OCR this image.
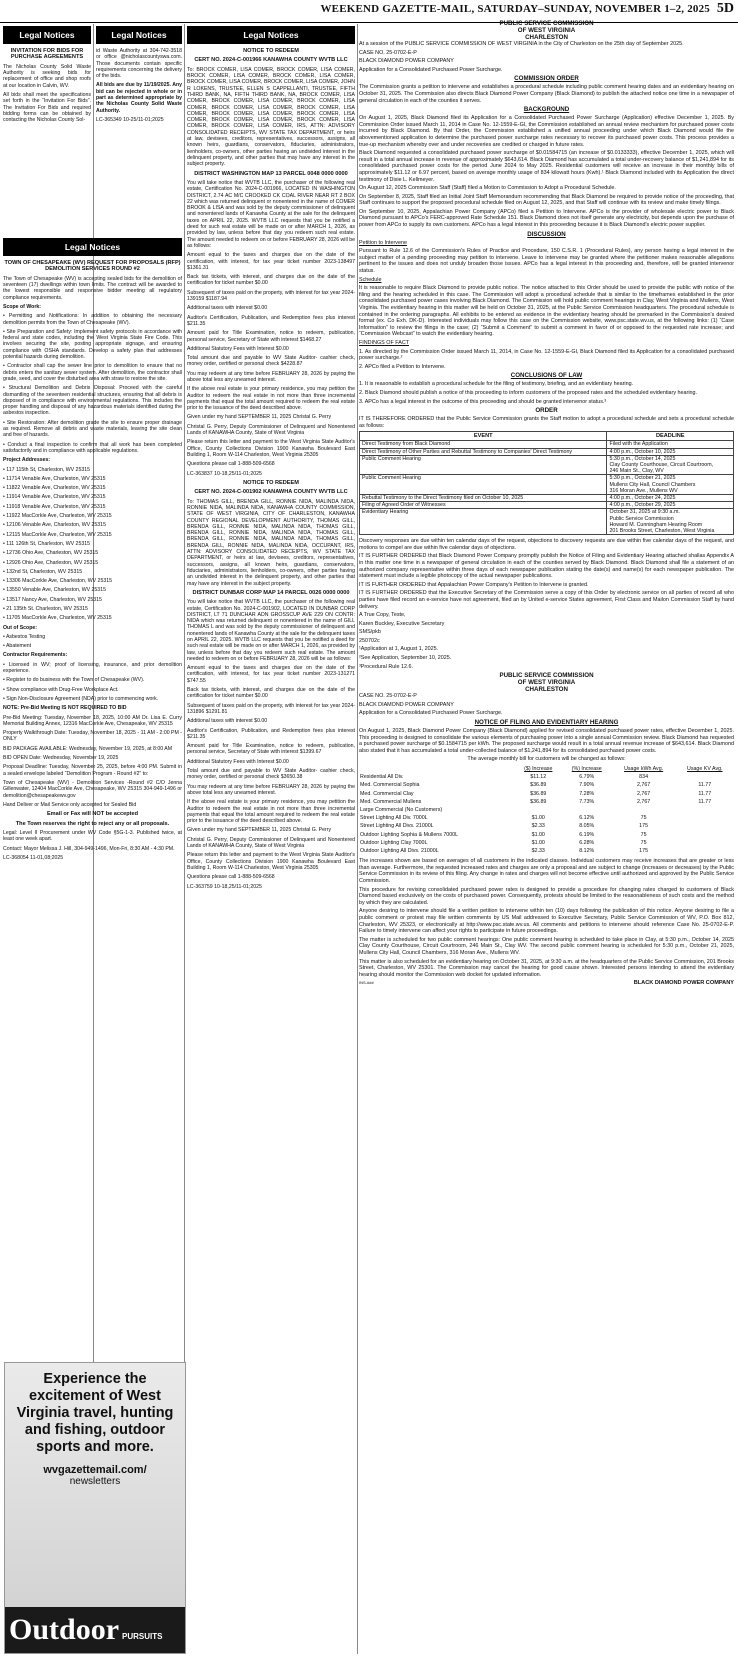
WEEKEND GAZETTE-MAIL, SATURDAY–SUNDAY, NOVEMBER 1–2, 2025 5D
Legal Notices

INVITATION FOR BIDS FOR PURCHASE AGREEMENTS

The Nicholas County Solid Waste Authority is seeking bids for replacement of office and shop roofs at our location in Calvin, WV.

All bids shall meet the specifications set forth in the “Invitation For Bids”. The Invitation For Bids and required bidding forms can be obtained by contacting the Nicholas County Sol-

Legal Notices

id Waste Authority at 304-742-3518 or office @nicholascountyswa.com. Those documents contain specific requirements concerning the delivery of the bids.

All bids are due by 11/19/2025. Any bid can be rejected in whole or in part as determined appropriate by the Nicholas County Solid Waste Authority.

LC-365349 10-25/11-01;2025

Legal Notices

TOWN OF CHESAPEAKE (WV) REQUEST FOR PROPOSALS (RFP) DEMOLITION SERVICES ROUND #2

The Town of Chesapeake (WV) is accepting sealed bids for the demolition of seventeen (17) dwellings within town limits. The contract will be awarded to the lowest responsible and responsive bidder meeting all regulatory compliance requirements.

Scope of Work:

• Permitting and Notifications: In addition to obtaining the necessary demolition permits from the Town of Chesapeake (WV).

• Site Preparation and Safety: Implement safety protocols in accordance with federal and state codes, including the West Virginia State Fire Code. This involves securing the site, posting appropriate signage, and ensuring compliance with OSHA standards. Develop a safety plan that addresses potential hazards during demolition.

• Contractor shall cap the sewer line prior to demolition to ensure that no debris enters the sanitary sewer system. After demolition, the contractor shall grade, seed, and cover the disturbed area with straw to restore the site.

• Structural Demolition and Debris Disposal: Proceed with the careful dismantling of the seventeen residential structures, ensuring that all debris is disposed of in compliance with environmental regulations. This includes the proper handling and disposal of any hazardous materials identified during the asbestos inspection.

• Site Restoration: After demolition grade the site to ensure proper drainage as required. Remove all debris and waste materials, leaving the site clean and free of hazards.

• Conduct a final inspection to confirm that all work has been completed satisfactorily and in compliance with applicable regulations.

Project Addresses:

• 117 115th St, Charleston, WV 25315

• 11714 Venable Ave, Charleston, WV 25315

• 11822 Venable Ave, Charleston, WV 25315

• 11914 Venable Ave, Charleston, WV 25315

• 11918 Venable Ave, Charleston, WV 25315

• 11922 MacCorkle Ave, Charleston, WV 25315

• 12106 Venable Ave, Charleston, WV 25315

• 12115 MacCorkle Ave, Charleston, WV 25315

• 111 126th St, Charleston, WV 25315

• 12736 Ohio Ave, Charleston, WV 25315

• 12926 Ohio Ave, Charleston, WV 25315

• 132nd St, Charleston, WV 25315

• 13306 MacCorkle Ave, Charleston, WV 25315

• 13550 Venable Ave, Charleston, WV 25315

• 13517 Nancy Ave, Charleston, WV 25315

• 21 135th St. Charleston, WV 25315

• 11705 MacCorkle Ave, Charleston, WV 25315

Out of Scope:

• Asbestos Testing

• Abatement

Contractor Requirements:

• Licensed in WV; proof of licensing, insurance, and prior demolition experience.

• Register to do business with the Town of Chesapeake (WV).

• Show compliance with Drug-Free Workplace Act.

• Sign Non-Disclosure Agreement (NDA) prior to commencing work.

NOTE: Pre-Bid Meeting IS NOT REQUIRED TO BID

Pre-Bid Meeting: Tuesday, November 18, 2025, 10:00 AM Dr. Lisa E. Curry Memorial Building Annex, 12316 MacCorkle Ave, Chesapeake, WV 25315

Property Walkthrough Date: Tuesday, November 18, 2025 - 11 AM - 2:00 PM - ONLY

BID PACKAGE AVAILABLE: Wednesday, November 19, 2025, at 8:00 AM

BID OPEN Date: Wednesday, November 19, 2025

Proposal Deadline: Tuesday, November 25, 2025, before 4:00 PM. Submit in a sealed envelope labeled “Demolition Program - Round #2” to:

Town of Chesapeake (WV) - Demolition Services -Round #2 C/O Jenna Gillenwater, 12404 MacCorkle Ave, Chesapeake, WV 25315 304-949-1496 or demolition@chesapeakewv.gov

Hand Deliver or Mail Service only accepted for Sealed Bid

Email or Fax will NOT be accepted

The Town reserves the right to reject any or all proposals.

Legal: Level II Procurement under WV Code §5G-1-3. Published twice, at least one week apart.

Contact: Mayor Melissa J. Hill, 304-949-1496, Mon-Fri, 8:30 AM - 4:30 PM.

LC-368054 11-01,08;2025

Experience the excitement of West Virginia travel, hunting and fishing, outdoor sports and more.
wvgazettemail.com/
newsletters
Outdoor PURSUITS
Legal Notices

NOTICE TO REDEEM

CERT NO. 2024-C-001966 KANAWHA COUNTY WVTB LLC

To: BROCK COMER, LISA COMER, BROCK COMER, LISA COMER, BROCK COMER, LISA COMER, BROCK COMER, LISA COMER, BROCK COMER, LISA COMER, BROCK COMER, LISA COMER, JOHN R LOKENS, TRUSTEE, ELLEN S CAPPELLANTI, TRUSTEE, FIFTH THIRD BANK, NA, FIFTH THIRD BANK, NA, BROCK COMER, LISA COMER, BROCK COMER, LISA COMER, BROCK COMER, LISA COMER, BROCK COMER, LISA COMER, BROCK COMER, LISA COMER, BROCK COMER, LISA COMER, BROCK COMER, LISA COMER, BROCK COMER, LISA COMER, BROCK COMER, LISA COMER, BROCK COMER, LISA COMER, IRS, ATTN: ADVISORY CONSOLIDATED RECEIPTS, WV STATE TAX DEPARTMENT, or heirs at law, devisees, creditors, representatives, successors, assigns, all known heirs, guardians, conservators, fiduciaries, administrators, lienholders, co-owners, other parties having an undivided interest in the delinquent property, and other parties that may have any interest in the subject property.

DISTRICT WASHINGTON MAP 13 PARCEL 0048 0000 0000

You will take notice that WVTB LLC, the purchaser of the following real estate, Certification No. 2024-C-001966, LOCATED IN WASHINGTON DISTRICT, 2.74 AC M/C CROOKED CK COAL RIVER NEAR RT 2 BOX 22 which was returned delinquent or nonentered in the name of COMER BROOK & LISA and was sold by the deputy commissioner of delinquent and nonentered lands of Kanawha County at the sale for the delinquent taxes on APRIL 22, 2025. WVTB LLC requests that you be notified a deed for such real estate will be made on or after MARCH 1, 2026, as provided by law, unless before that day you redeem such real estate. The amount needed to redeem on or before FEBRUARY 28, 2026 will be as follows:

Amount equal to the taxes and charges due on the date of the certification, with interest, for tax year ticket number 2023-138497 $1361.31

Back tax tickets, with interest, and charges due on the date of the certification for ticket number $0.00

Subsequent of taxes paid on the property, with interest for tax year 2024-139159 $1187.94

Additional taxes with interest $0.00

Auditor's Certification, Publication, and Redemption fees plus interest $211.35

Amount paid for Title Examination, notice to redeem, publication, personal service, Secretary of State with interest $1468.27

Additional Statutory Fees with Interest $0.00

Total amount due and payable to WV State Auditor- cashier check, money order, certified or personal check $4228.87

You may redeem at any time before FEBRUARY 28, 2026 by paying the above total less any unearned interest.

If the above real estate is your primary residence, you may petition the Auditor to redeem the real estate in not more than three incremental payments that equal the total amount required to redeem the real estate prior to the issuance of the deed described above.

Given under my hand SEPTEMBER 11, 2025 Christal G. Perry

Christal G. Perry, Deputy Commissioner of Delinquent and Nonentered Lands of KANAWHA County, State of West Virginia

Please return this letter and payment to the West Virginia State Auditor's Office, County Collections Division 1900 Kanawha Boulevard East Building 1, Room W-114 Charleston, West Virginia 25305

Questions please call 1-888-509-6568

LC-363837 10-18,25/11-01;2025

NOTICE TO REDEEM

CERT NO. 2024-C-001902 KANAWHA COUNTY WVTB LLC

To: THOMAS GILL, BRENDA GILL, RONNIE NIDA, MALINDA NIDA, RONNIE NIDA, MALINDA NIDA, KANAWHA COUNTY COMMISSION, STATE OF WEST VIRGINIA, CITY OF CHARLESTON, KANAWHA COUNTY REGIONAL DEVELOPMENT AUTHORITY, THOMAS GILL, BRENDA GILL, RONNIE NIDA, MALINDA NIDA, THOMAS GILL, BRENDA GILL, RONNIE NIDA, MALINDA NIDA, THOMAS GILL, BRENDA GILL, RONNIE NIDA, MALINDA NIDA, THOMAS GILL, BRENDA GILL, RONNIE NIDA, MALINDA NIDA, OCCUPANT, IRS, ATTN: ADVISORY CONSOLIDATED RECEIPTS, WV STATE TAX DEPARTMENT, or heirs at law, devisees, creditors, representatives, successors, assigns, all known heirs, guardians, conservators, fiduciaries, administrators, lienholders, co-owners, other parties having an undivided interest in the delinquent property, and other parties that may have any interest in the subject property.

DISTRICT DUNBAR CORP MAP 14 PARCEL 0026 0000 0000

You will take notice that WVTB LLC, the purchaser of the following real estate, Certification No. 2024-C-001902, LOCATED IN DUNBAR CORP DISTRICT, LT 71 DUNCHAR ADN GROSSCUP AVE 229 ON CONTR: NIDA which was returned delinquent or nonentered in the name of GILL THOMAS L and was sold by the deputy commissioner of delinquent and nonentered lands of Kanawha County at the sale for the delinquent taxes on APRIL 22, 2025. WVTB LLC requests that you be notified a deed for such real estate will be made on or after MARCH 1, 2026, as provided by law, unless before that day you redeem such real estate. The amount needed to redeem on or before FEBRUARY 28, 2026 will be as follows:

Amount equal to the taxes and charges due on the date of the certification, with interest, for tax year ticket number 2023-131271 $747.55

Back tax tickets, with interest, and charges due on the date of the certification for ticket number $0.00

Subsequent of taxes paid on the property, with interest for tax year 2024-131896 $1291.81

Additional taxes with interest $0.00

Auditor's Certification, Publication, and Redemption fees plus interest $211.35

Amount paid for Title Examination, notice to redeem, publication, personal service, Secretary of State with interest $1399.67

Additional Statutory Fees with Interest $0.00

Total amount due and payable to WV State Auditor- cashier check, money order, certified or personal check $3650.38

You may redeem at any time before FEBRUARY 28, 2026 by paying the above total less any unearned interest.

If the above real estate is your primary residence, you may petition the Auditor to redeem the real estate in not more than three incremental payments that equal the total amount required to redeem the real estate prior to the issuance of the deed described above.

Given under my hand SEPTEMBER 11, 2025 Christal G. Perry

Christal G. Perry, Deputy Commissioner of Delinquent and Nonentered Lands of KANAWHA County, State of West Virginia

Please return this letter and payment to the West Virginia State Auditor's Office, County Collections Division 1900 Kanawha Boulevard East Building 1, Room W-114 Charleston, West Virginia 25305

Questions please call 1-888-509-6568

LC-363759 10-18,25/11-01;2025

PUBLIC SERVICE COMMISSION
OF WEST VIRGINIA
CHARLESTON

At a session of the PUBLIC SERVICE COMMISSION OF WEST VIRGINIA in the City of Charleston on the 25th day of September 2025.

CASE NO. 25-0702-E-P

BLACK DIAMOND POWER COMPANY

Application for a Consolidated Purchased Power Surcharge.

COMMISSION ORDER

The Commission grants a petition to intervene and establishes a procedural schedule including public comment hearing dates and an evidentiary hearing on October 31, 2025. The Commission also directs Black Diamond Power Company (Black Diamond) to publish the attached notice one time in a newspaper of general circulation in each of the counties it serves.

BACKGROUND

On August 1, 2025, Black Diamond filed its Application for a Consolidated Purchased Power Surcharge (Application) effective December 1, 2025. By Commission Order issued March 11, 2014 in Case No. 12-1559-E-GI, the Commission established an annual review mechanism for purchased power costs incurred by Black Diamond. By that Order, the Commission established a unified annual proceeding under which Black Diamond would file the abovementioned application to determine the purchased power surcharge rates necessary to recover its purchased power costs. This process provides a true-up mechanism whereby over and under recoveries are credited or charged in future rates.

Black Diamond requested a consolidated purchased power surcharge of $0.01584715 (an increase of $0.0133333), effective December 1, 2025, which will result in a total annual increase in revenue of approximately $643,614. Black Diamond has accumulated a total under-recovery balance of $1,241,894 for its consolidated purchased power costs for the period June 2024 to May 2025. Residential customers will receive an increase in their monthly bills of approximately $11.12 or 6.97 percent, based on average monthly usage of 834 kilowatt hours (Kwh).¹ Black Diamond included with its Application the direct testimony of Dixie L. Kellmeyer.

On August 12, 2025 Commission Staff (Staff) filed a Motion to Commission to Adopt a Procedural Schedule.

On September 8, 2025, Staff filed an Initial Joint Staff Memorandum recommending that Black Diamond be required to provide notice of the proceeding, that Staff continues to support the proposed procedural schedule filed on August 12, 2025, and that Staff will continue with its review and make timely filings.

On September 10, 2025, Appalachian Power Company (APCo) filed a Petition to Intervene. APCo is the provider of wholesale electric power to Black Diamond pursuant to APCo's FERC-approved Rate Schedule 151. Black Diamond does not itself generate any electricity, but depends upon the purchase of power from APCo to supply its own customers. APCo has a legal interest in this proceeding because it is Black Diamond's electric power supplier.

DISCUSSION

Petition to Intervene

Pursuant to Rule 12.6 of the Commission's Rules of Practice and Procedure, 150 C.S.R. 1 (Procedural Rules), any person having a legal interest in the subject matter of a pending proceeding may petition to intervene. Leave to intervene may be granted where the petitioner makes reasonable allegations pertinent to the issues and does not unduly broaden those issues. APCo has a legal interest in this proceeding and, therefore, will be granted intervenor status.

Schedule

It is reasonable to require Black Diamond to provide public notice. The notice attached to this Order should be used to provide the public with notice of the filing and the hearing scheduled in this case. The Commission will adopt a procedural schedule that is similar to the timeframes established in the prior consolidated purchased power cases involving Black Diamond. The Commission will hold public comment hearings in Clay, West Virginia and Mullens, West Virginia. The evidentiary hearing in this matter will be held on October 31, 2025, at the Public Service Commission headquarters. The procedural schedule is contained in the ordering paragraphs. All exhibits to be entered as evidence in the evidentiary hearing should be premarked in the Commission's desired format (ex. Co Exh. DK-D). Interested individuals may follow this case on the Commission website, www.psc.state.wv.us, at the following links: (1) “Case Information” to review the filings in the case; (2) “Submit a Comment” to submit a comment in favor of or opposed to the requested rate increase; and “Commission Webcast” to watch the evidentiary hearing.

FINDINGS OF FACT

1. As directed by the Commission Order issued March 11, 2014, in Case No. 12-1559-E-GI, Black Diamond filed its Application for a consolidated purchased power surcharge.²

2. APCo filed a Petition to Intervene.

CONCLUSIONS OF LAW

1. It is reasonable to establish a procedural schedule for the filing of testimony, briefing, and an evidentiary hearing.

2. Black Diamond should publish a notice of this proceeding to inform customers of the proposed rates and the scheduled evidentiary hearing.

3. APCo has a legal interest in the outcome of this proceeding and should be granted intervenor status.³

ORDER

IT IS THEREFORE ORDERED that the Public Service Commission grants the Staff motion to adopt a procedural schedule and sets a procedural schedule as follows:

EVENT	DEADLINE
Direct Testimony from Black Diamond	Filed with the Application
Direct Testimony of Other Parties and Rebuttal Testimony to Companies' Direct Testimony	4:00 p.m., October 10, 2025
Public Comment Hearing	5:30 p.m., October 14, 2025
Clay County Courthouse, Circuit Courtroom,
246 Main St., Clay, WV
Public Comment Hearing	5:30 p.m., October 21, 2025
Mullens City Hall, Council Chambers
316 Moran Ave., Mullens WV
Rebuttal Testimony to the Direct Testimony filed on October 10, 2025	4:00 p.m., October 24, 2025
Filing of Agreed Order of Witnesses	4:00 p.m., October 29, 2025
Evidentiary Hearing	October 31, 2025 at 9:30 a.m.
Public Service Commission
Howard M. Cunningham Hearing Room
201 Brooks Street, Charleston, West Virginia

Discovery responses are due within ten calendar days of the request, objections to discovery requests are due within five calendar days of the request, and motions to compel are due within five calendar days of objections.

IT IS FURTHER ORDERED that Black Diamond Power Company promptly publish the Notice of Filing and Evidentiary Hearing attached shallas Appendix A in this matter one time in a newspaper of general circulation in each of the counties served by Black Diamond. Black Diamond shall file a statement of an authorized company representative within three days of each newspaper publication stating the date(s) and name(s) for each newspaper publication. The statement must include a legible photocopy of the actual newspaper publications.

IT IS FURTHER ORDERED that Appalachian Power Company's Petition to Intervene is granted.

IT IS FURTHER ORDERED that the Executive Secretary of the Commission serve a copy of this Order by electronic service on all parties of record all who parties have filed record an e-service have not agreement, filed an by United e-service States agreement, First Class and Mailon Commission Staff by hand delivery.

A True Copy, Teste,

Karen Buckley, Executive Secretary

SMS/pkb

250702c

¹Application at 1, August 1, 2025.

²See Application, September 10, 2025.

³Procedural Rule 12.6.

PUBLIC SERVICE COMMISSION
OF WEST VIRGINIA
CHARLESTON

CASE NO. 25-0702-E-P

BLACK DIAMOND POWER COMPANY

Application for a Consolidated Purchased Power Surcharge.

NOTICE OF FILING AND EVIDENTIARY HEARING

On August 1, 2025, Black Diamond Power Company (Black Diamond) applied for revised consolidated purchased power rates, effective December 1, 2025. This proceeding is designed to consolidate the various elements of purchasing power into a single annual Commission review. Black Diamond has requested a purchased power surcharge of $0.1584715 per kWh. The proposed surcharge would result in a total annual revenue increase of $643,614. Black Diamond also stated that it has accumulated a total under-collected balance of $1,241,894 for its consolidated purchased power costs.

The average monthly bill for customers will be changed as follows:

	($) Increase	(%) Increase	Usage kWh Avg.	Usage KV Avg.
Residential All Div.	$11.12	6.79%	834	
Med. Commercial Sophia	$36.89	7.90%	2,767	11.77
Med. Commercial Clay	$36.89	7.28%	2,767	11.77
Med. Commercial Mullens	$36.89	7.73%	2,767	11.77
Large Commercial (No Customers)				
Street Lighting All Div. 7000L	$1.00	6.12%	75	
Street Lighting All Divs. 21000L	$2.33	8.05%	175	
Outdoor Lighting Sophia & Mullens 7000L	$1.00	6.19%	75	
Outdoor Lighting Clay 7000L	$1.00	6.28%	75	
Outdoor Lighting All Divs. 21000L	$2.33	8.12%	175	

The increases shown are based on averages of all customers in the indicated classes. Individual customers may receive increases that are greater or less than average. Furthermore, the requested increased rates and charges are only a proposal and are subject to change (increases or decreases) by the Public Service Commission in its review of this filing. Any change in rates and charges will not become effective until authorized and approved by the Public Service Commission.

This procedure for revising consolidated purchased power rates is designed to provide a procedure for changing rates charged to customers of Black Diamond based exclusively on the costs of purchased power. Consequently, protests should be limited to the reasonableness of such costs and the method by which they are calculated.

Anyone desiring to intervene should file a written petition to intervene within ten (10) days following the publication of this notice. Anyone desiring to file a public comment or protest may file written comments by US Mail addressed to Executive Secretary, Public Service Commission of WV, P.O. Box 812, Charleston, WV 25323, or electronically at http://www.psc.state.wv.us. All comments and petitions to intervene should reference Case No. 25-0702-E-P. Failure to timely intervene can affect your rights to participate in future proceedings.

The matter is scheduled for two public comment hearings: One public comment hearing is scheduled to take place in Clay, at 5:30 p.m., October 14, 2025 Clay County Courthouse, Circuit Courtroom, 246 Main St., Clay WV. The second public comment hearing is scheduled for 5:30 p.m., October 21, 2025, Mullens City Hall, Council Chambers, 316 Moran Ave., Mullens WV.

This matter is also scheduled for an evidentiary hearing on October 31, 2025, at 9:30 a.m. at the headquarters of the Public Service Commission, 201 Brooks Street, Charleston, WV 25301. The Commission may cancel the hearing for good cause shown. Interested persons intending to attend the evidentiary hearing should monitor the Commission web docket for updated information.

INS-###	BLACK DIAMOND POWER COMPANY
